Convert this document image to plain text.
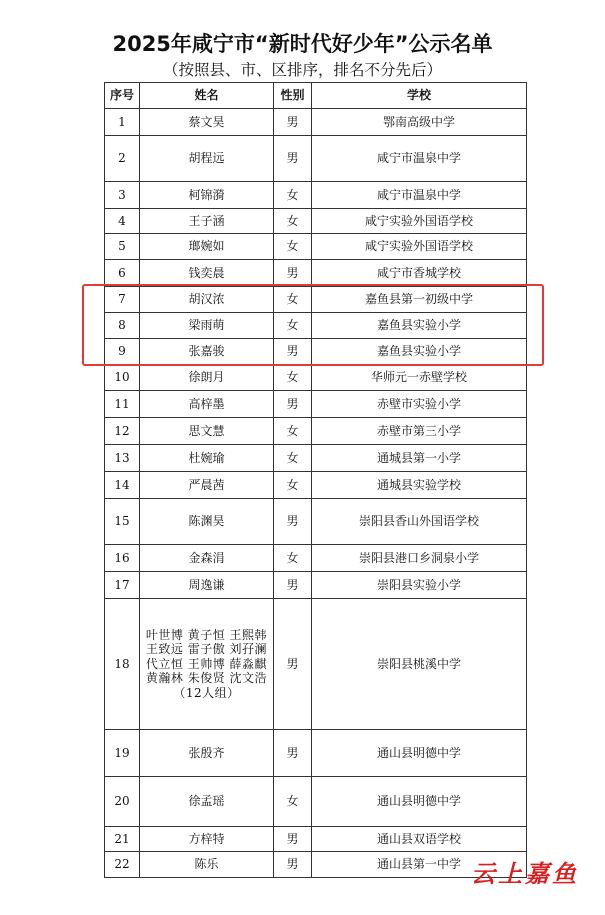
2025年咸宁市“新时代好少年”公示名单
（按照县、市、区排序，排名不分先后）
序号	姓名	性别	学校
1	蔡文昊	男	鄂南高级中学
2	胡程远	男	咸宁市温泉中学
3	柯锦漪	女	咸宁市温泉中学
4	王子涵	女	咸宁实验外国语学校
5	瑯婉如	女	咸宁实验外国语学校
6	钱奕晨	男	咸宁市香城学校
7	胡汉浓	女	嘉鱼县第一初级中学
8	梁雨萌	女	嘉鱼县实验小学
9	张嘉骏	男	嘉鱼县实验小学
10	徐朗月	女	华师元一赤壁学校
11	高梓墨	男	赤壁市实验小学
12	思文慧	女	赤壁市第三小学
13	杜婉瑜	女	通城县第一小学
14	严晨茜	女	通城县实验学校
15	陈渊昊	男	崇阳县香山外国语学校
16	金森涓	女	崇阳县港口乡洞泉小学
17	周逸谦	男	崇阳县实验小学
18	叶世博 黄子恒 王熙韩
王致远 雷子傲 刘孖澜
代立恒 王帅博 薛淼麒
黄瀚林 朱俊贤 沈文浩
（12人组）	男	崇阳县桃溪中学
19	张殷齐	男	通山县明德中学
20	徐孟瑶	女	通山县明德中学
21	方梓特	男	通山县双语学校
22	陈乐	男	通山县第一中学 云上嘉鱼
